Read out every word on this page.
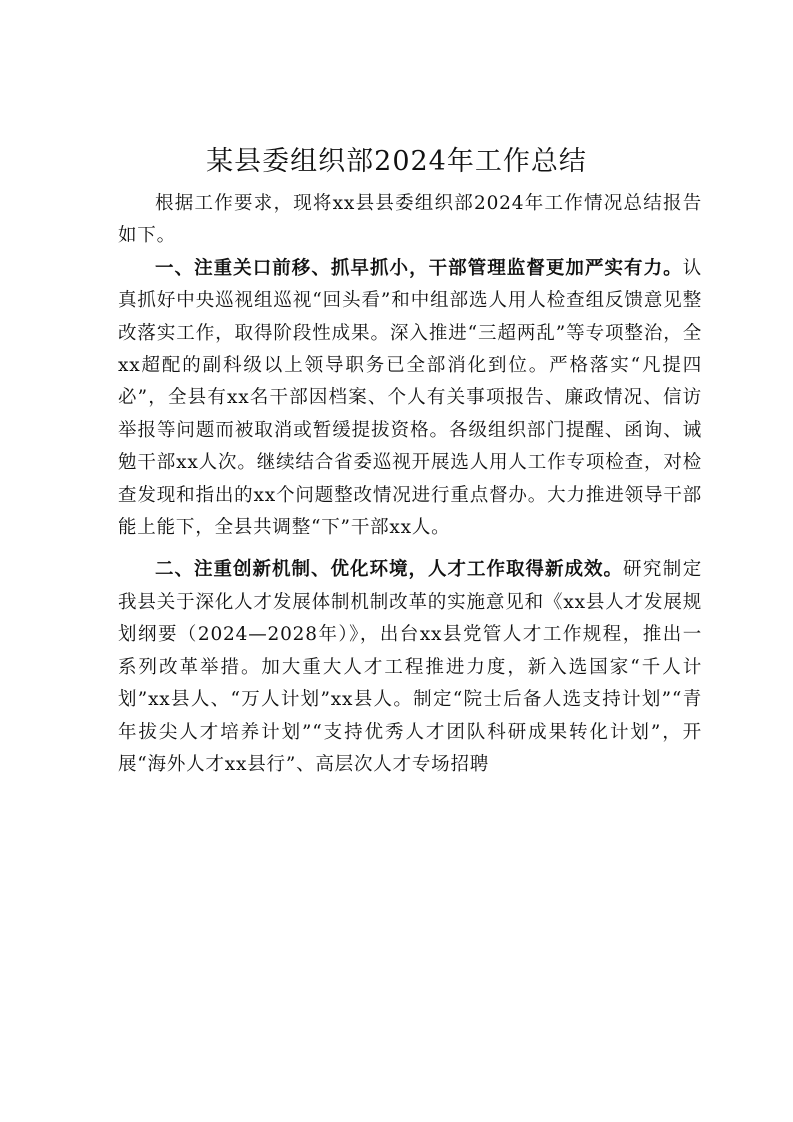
某县委组织部2024年工作总结

根据工作要求，现将xx县县委组织部2024年工作情况总结报告如下。

一、注重关口前移、抓早抓小，干部管理监督更加严实有力。认真抓好中央巡视组巡视“回头看”和中组部选人用人检查组反馈意见整改落实工作，取得阶段性成果。深入推进“三超两乱”等专项整治，全xx超配的副科级以上领导职务已全部消化到位。严格落实“凡提四必”，全县有xx名干部因档案、个人有关事项报告、廉政情况、信访举报等问题而被取消或暂缓提拔资格。各级组织部门提醒、函询、诫勉干部xx人次。继续结合省委巡视开展选人用人工作专项检查，对检查发现和指出的xx个问题整改情况进行重点督办。大力推进领导干部能上能下，全县共调整“下”干部xx人。

二、注重创新机制、优化环境，人才工作取得新成效。研究制定我县关于深化人才发展体制机制改革的实施意见和《xx县人才发展规划纲要（2024—2028年）》，出台xx县党管人才工作规程，推出一系列改革举措。加大重大人才工程推进力度，新入选国家“千人计划”xx县人、“万人计划”xx县人。制定“院士后备人选支持计划”“青年拔尖人才培养计划”“支持优秀人才团队科研成果转化计划”，开展“海外人才xx县行”、高层次人才专场招聘
